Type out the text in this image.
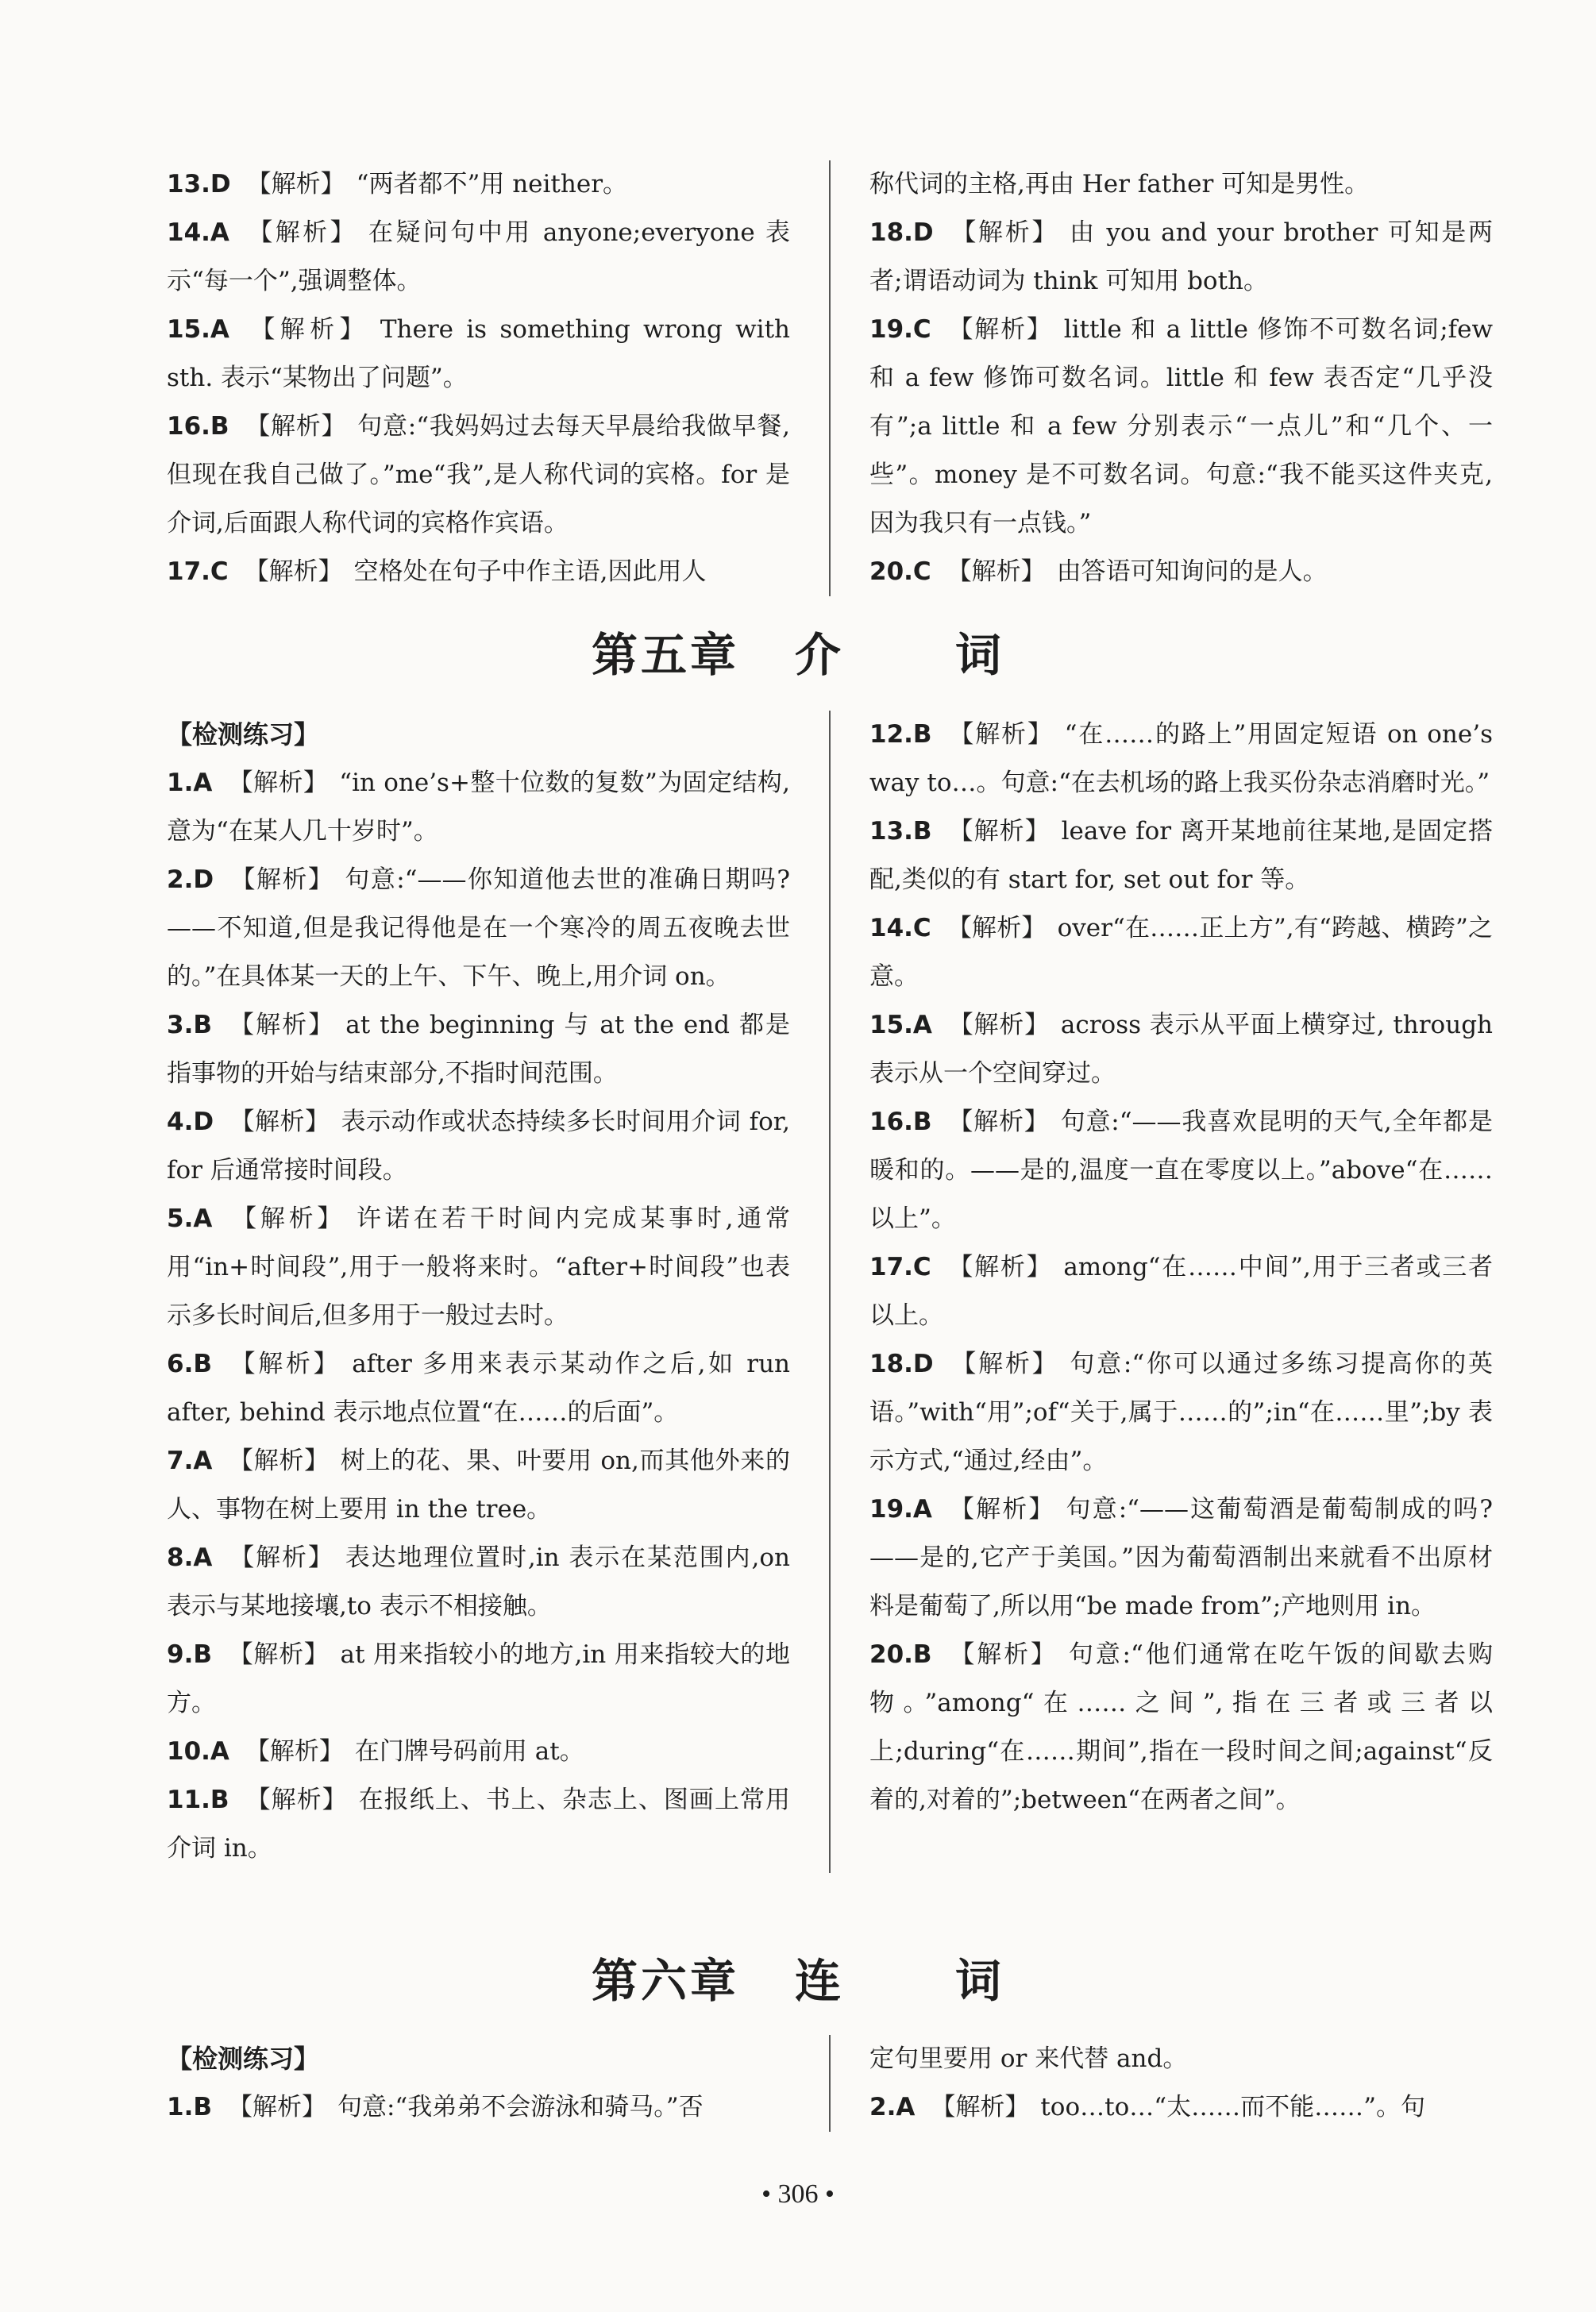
13.D 【解析】 “两者都不”用 neither。

14.A 【解析】 在疑问句中用 anyone;everyone 表示“每一个”,强调整体。

15.A 【解析】 There is something wrong with sth. 表示“某物出了问题”。

16.B 【解析】 句意:“我妈妈过去每天早晨给我做早餐,但现在我自己做了。”me“我”,是人称代词的宾格。for 是介词,后面跟人称代词的宾格作宾语。

17.C 【解析】 空格处在句子中作主语,因此用人

称代词的主格,再由 Her father 可知是男性。

18.D 【解析】 由 you and your brother 可知是两者;谓语动词为 think 可知用 both。

19.C 【解析】 little 和 a little 修饰不可数名词;few 和 a few 修饰可数名词。little 和 few 表否定“几乎没有”;a little 和 a few 分别表示“一点儿”和“几个、一些”。money 是不可数名词。句意:“我不能买这件夹克,因为我只有一点钱。”

20.C 【解析】 由答语可知询问的是人。

第五章 介 词

【检测练习】

1.A 【解析】 “in one’s+整十位数的复数”为固定结构,意为“在某人几十岁时”。

2.D 【解析】 句意:“——你知道他去世的准确日期吗?——不知道,但是我记得他是在一个寒冷的周五夜晚去世的。”在具体某一天的上午、下午、晚上,用介词 on。

3.B 【解析】 at the beginning 与 at the end 都是指事物的开始与结束部分,不指时间范围。

4.D 【解析】 表示动作或状态持续多长时间用介词 for, for 后通常接时间段。

5.A 【解析】 许诺在若干时间内完成某事时,通常用“in+时间段”,用于一般将来时。“after+时间段”也表示多长时间后,但多用于一般过去时。

6.B 【解析】 after 多用来表示某动作之后,如 run after, behind 表示地点位置“在……的后面”。

7.A 【解析】 树上的花、果、叶要用 on,而其他外来的人、事物在树上要用 in the tree。

8.A 【解析】 表达地理位置时,in 表示在某范围内,on 表示与某地接壤,to 表示不相接触。

9.B 【解析】 at 用来指较小的地方,in 用来指较大的地方。

10.A 【解析】 在门牌号码前用 at。

11.B 【解析】 在报纸上、书上、杂志上、图画上常用介词 in。

12.B 【解析】 “在……的路上”用固定短语 on one’s way to…。句意:“在去机场的路上我买份杂志消磨时光。”

13.B 【解析】 leave for 离开某地前往某地,是固定搭配,类似的有 start for, set out for 等。

14.C 【解析】 over“在……正上方”,有“跨越、横跨”之意。

15.A 【解析】 across 表示从平面上横穿过, through 表示从一个空间穿过。

16.B 【解析】 句意:“——我喜欢昆明的天气,全年都是暖和的。——是的,温度一直在零度以上。”above“在……以上”。

17.C 【解析】 among“在……中间”,用于三者或三者以上。

18.D 【解析】 句意:“你可以通过多练习提高你的英语。”with“用”;of“关于,属于……的”;in“在……里”;by 表示方式,“通过,经由”。

19.A 【解析】 句意:“——这葡萄酒是葡萄制成的吗?——是的,它产于美国。”因为葡萄酒制出来就看不出原材料是葡萄了,所以用“be made from”;产地则用 in。

20.B 【解析】 句意:“他们通常在吃午饭的间歇去购物。”among“在……之间”,指在三者或三者以上;during“在……期间”,指在一段时间之间;against“反着的,对着的”;between“在两者之间”。

第六章 连 词

【检测练习】

1.B 【解析】 句意:“我弟弟不会游泳和骑马。”否

定句里要用 or 来代替 and。

2.A 【解析】 too…to…“太……而不能……”。句

• 306 •
